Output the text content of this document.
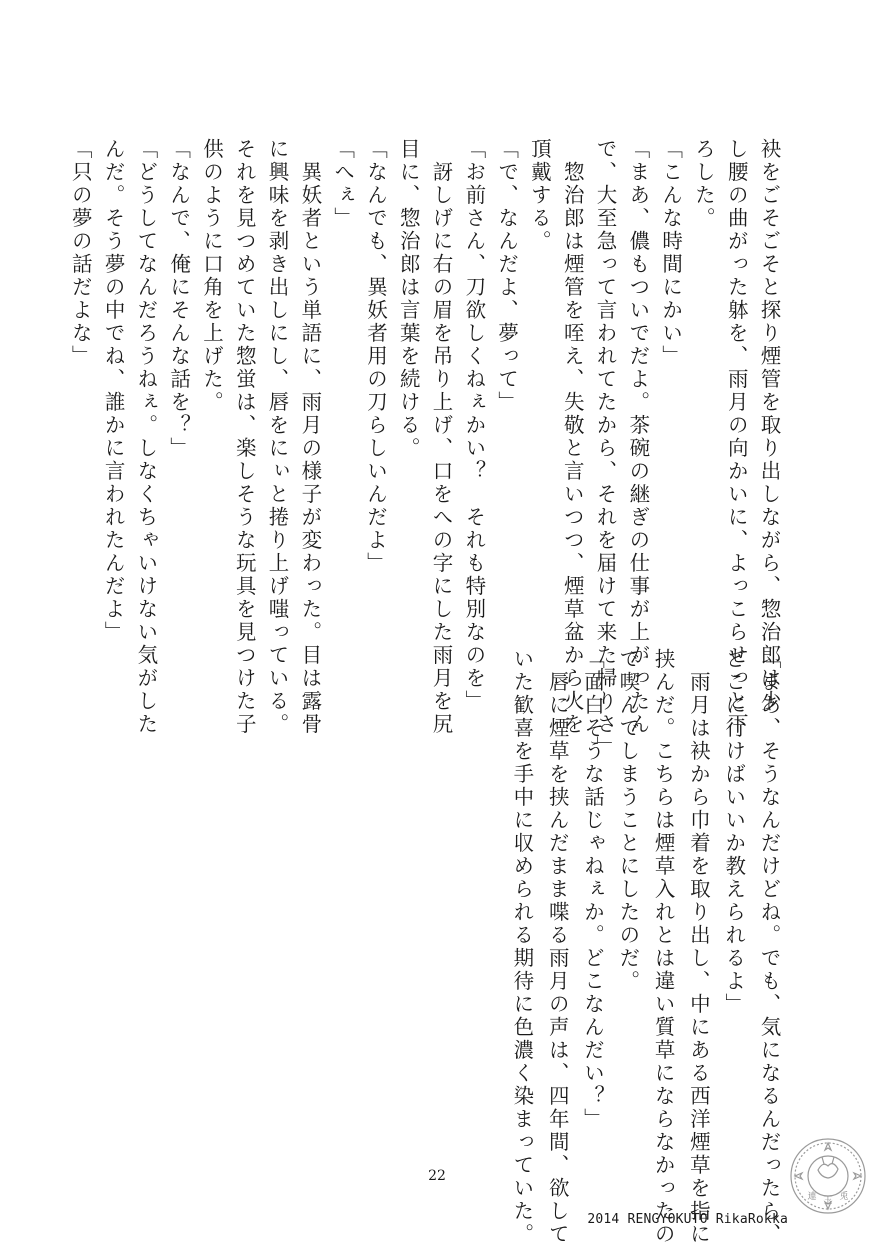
袂をごそごそと探り煙管を取り出しながら、惣治郎は少
し腰の曲がった躰を、雨月の向かいに、よっこらせっと下
ろした。
「こんな時間にかい」
「まあ、儂もついでだよ。茶碗の継ぎの仕事が上がったん
で、大至急って言われてたから、それを届けて来た帰りさ」
　惣治郎は煙管を咥え、失敬と言いつつ、煙草盆から火を
頂戴する。
「で、なんだよ、夢って」
「お前さん、刀欲しくねぇかい？　それも特別なのを」
　訝しげに右の眉を吊り上げ、口をへの字にした雨月を尻
目に、惣治郎は言葉を続ける。
「なんでも、異妖者用の刀らしいんだよ」
「へぇ」
　異妖者という単語に、雨月の様子が変わった。目は露骨
に興味を剥き出しにし、唇をにぃと捲り上げ嗤っている。
それを見つめていた惣蛍は、楽しそうな玩具を見つけた子
供のように口角を上げた。
「なんで、俺にそんな話を？」
「どうしてなんだろうねぇ。しなくちゃいけない気がした
んだ。そう夢の中でね、誰かに言われたんだよ」
「只の夢の話だよな」
「まあ、そうなんだけどね。でも、気になるんだったら、
どこに行けばいいか教えられるよ」
　雨月は袂から巾着を取り出し、中にある西洋煙草を指に
挟んだ。こちらは煙草入れとは違い質草にならなかったの
で喫んでしまうことにしたのだ。
「面白そうな話じゃねぇか。どこなんだい？」
　唇に煙草を挟んだまま喋る雨月の声は、四年間、欲して
いた歓喜を手中に収められる期待に色濃く染まっていた。
22
2014 RENGYOKUTO RikaRokka
連 玉 兎
